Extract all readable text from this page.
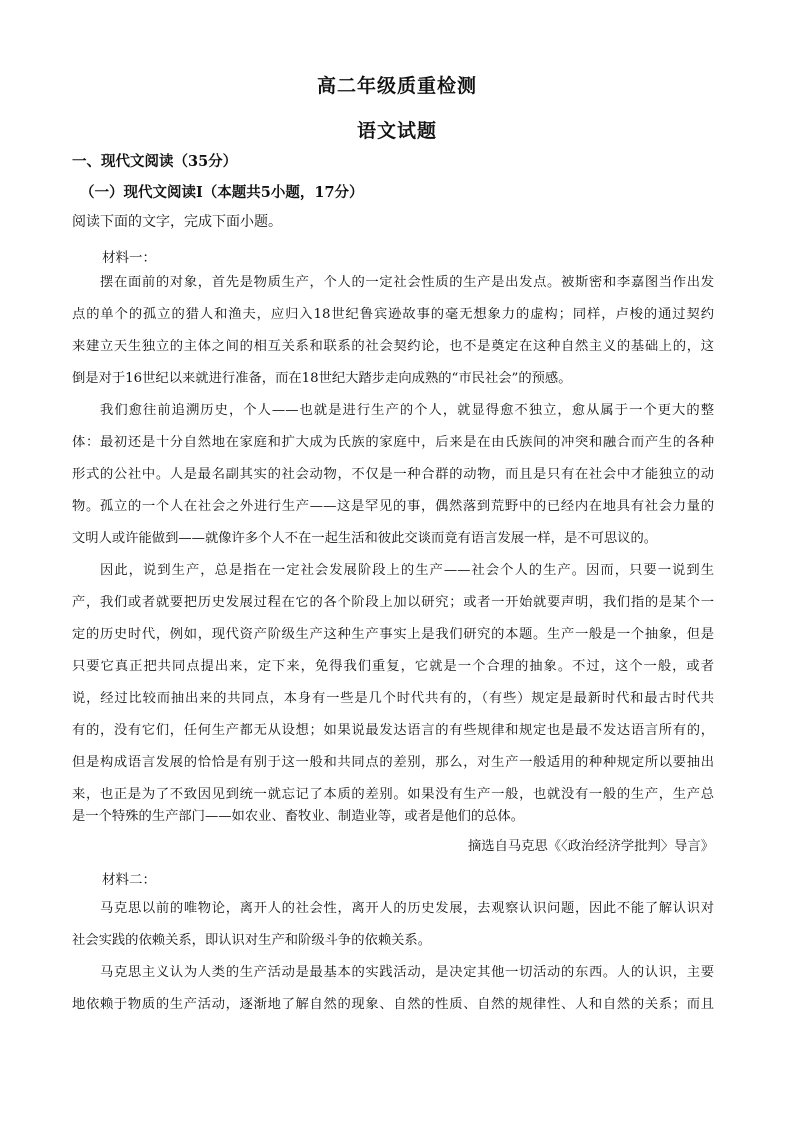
高二年级质重检测
语文试题
一、现代文阅读（35分）
（一）现代文阅读Ⅰ（本题共5小题，17分）
阅读下面的文字，完成下面小题。
材料一：
摆在面前的对象，首先是物质生产，个人的一定社会性质的生产是出发点。被斯密和李嘉图当作出发
点的单个的孤立的猎人和渔夫，应归入18世纪鲁宾逊故事的毫无想象力的虚构；同样，卢梭的通过契约
来建立天生独立的主体之间的相互关系和联系的社会契约论，也不是奠定在这种自然主义的基础上的，这
倒是对于16世纪以来就进行准备，而在18世纪大踏步走向成熟的“市民社会”的预感。
我们愈往前追溯历史，个人——也就是进行生产的个人，就显得愈不独立，愈从属于一个更大的整
体：最初还是十分自然地在家庭和扩大成为氏族的家庭中，后来是在由氏族间的冲突和融合而产生的各种
形式的公社中。人是最名副其实的社会动物，不仅是一种合群的动物，而且是只有在社会中才能独立的动
物。孤立的一个人在社会之外进行生产——这是罕见的事，偶然落到荒野中的已经内在地具有社会力量的
文明人或许能做到——就像许多个人不在一起生活和彼此交谈而竟有语言发展一样，是不可思议的。
因此，说到生产，总是指在一定社会发展阶段上的生产——社会个人的生产。因而，只要一说到生
产，我们或者就要把历史发展过程在它的各个阶段上加以研究；或者一开始就要声明，我们指的是某个一
定的历史时代，例如，现代资产阶级生产这种生产事实上是我们研究的本题。生产一般是一个抽象，但是
只要它真正把共同点提出来，定下来，免得我们重复，它就是一个合理的抽象。不过，这个一般，或者
说，经过比较而抽出来的共同点，本身有一些是几个时代共有的，（有些）规定是最新时代和最古时代共
有的，没有它们，任何生产都无从设想；如果说最发达语言的有些规律和规定也是最不发达语言所有的，
但是构成语言发展的恰恰是有别于这一般和共同点的差别，那么，对生产一般适用的种种规定所以要抽出
来，也正是为了不致因见到统一就忘记了本质的差别。如果没有生产一般，也就没有一般的生产，生产总
是一个特殊的生产部门——如农业、畜牧业、制造业等，或者是他们的总体。
摘选自马克思《〈政治经济学批判〉导言》
材料二：
马克思以前的唯物论，离开人的社会性，离开人的历史发展，去观察认识问题，因此不能了解认识对
社会实践的依赖关系，即认识对生产和阶级斗争的依赖关系。
马克思主义认为人类的生产活动是最基本的实践活动，是决定其他一切活动的东西。人的认识，主要
地依赖于物质的生产活动，逐渐地了解自然的现象、自然的性质、自然的规律性、人和自然的关系；而且
